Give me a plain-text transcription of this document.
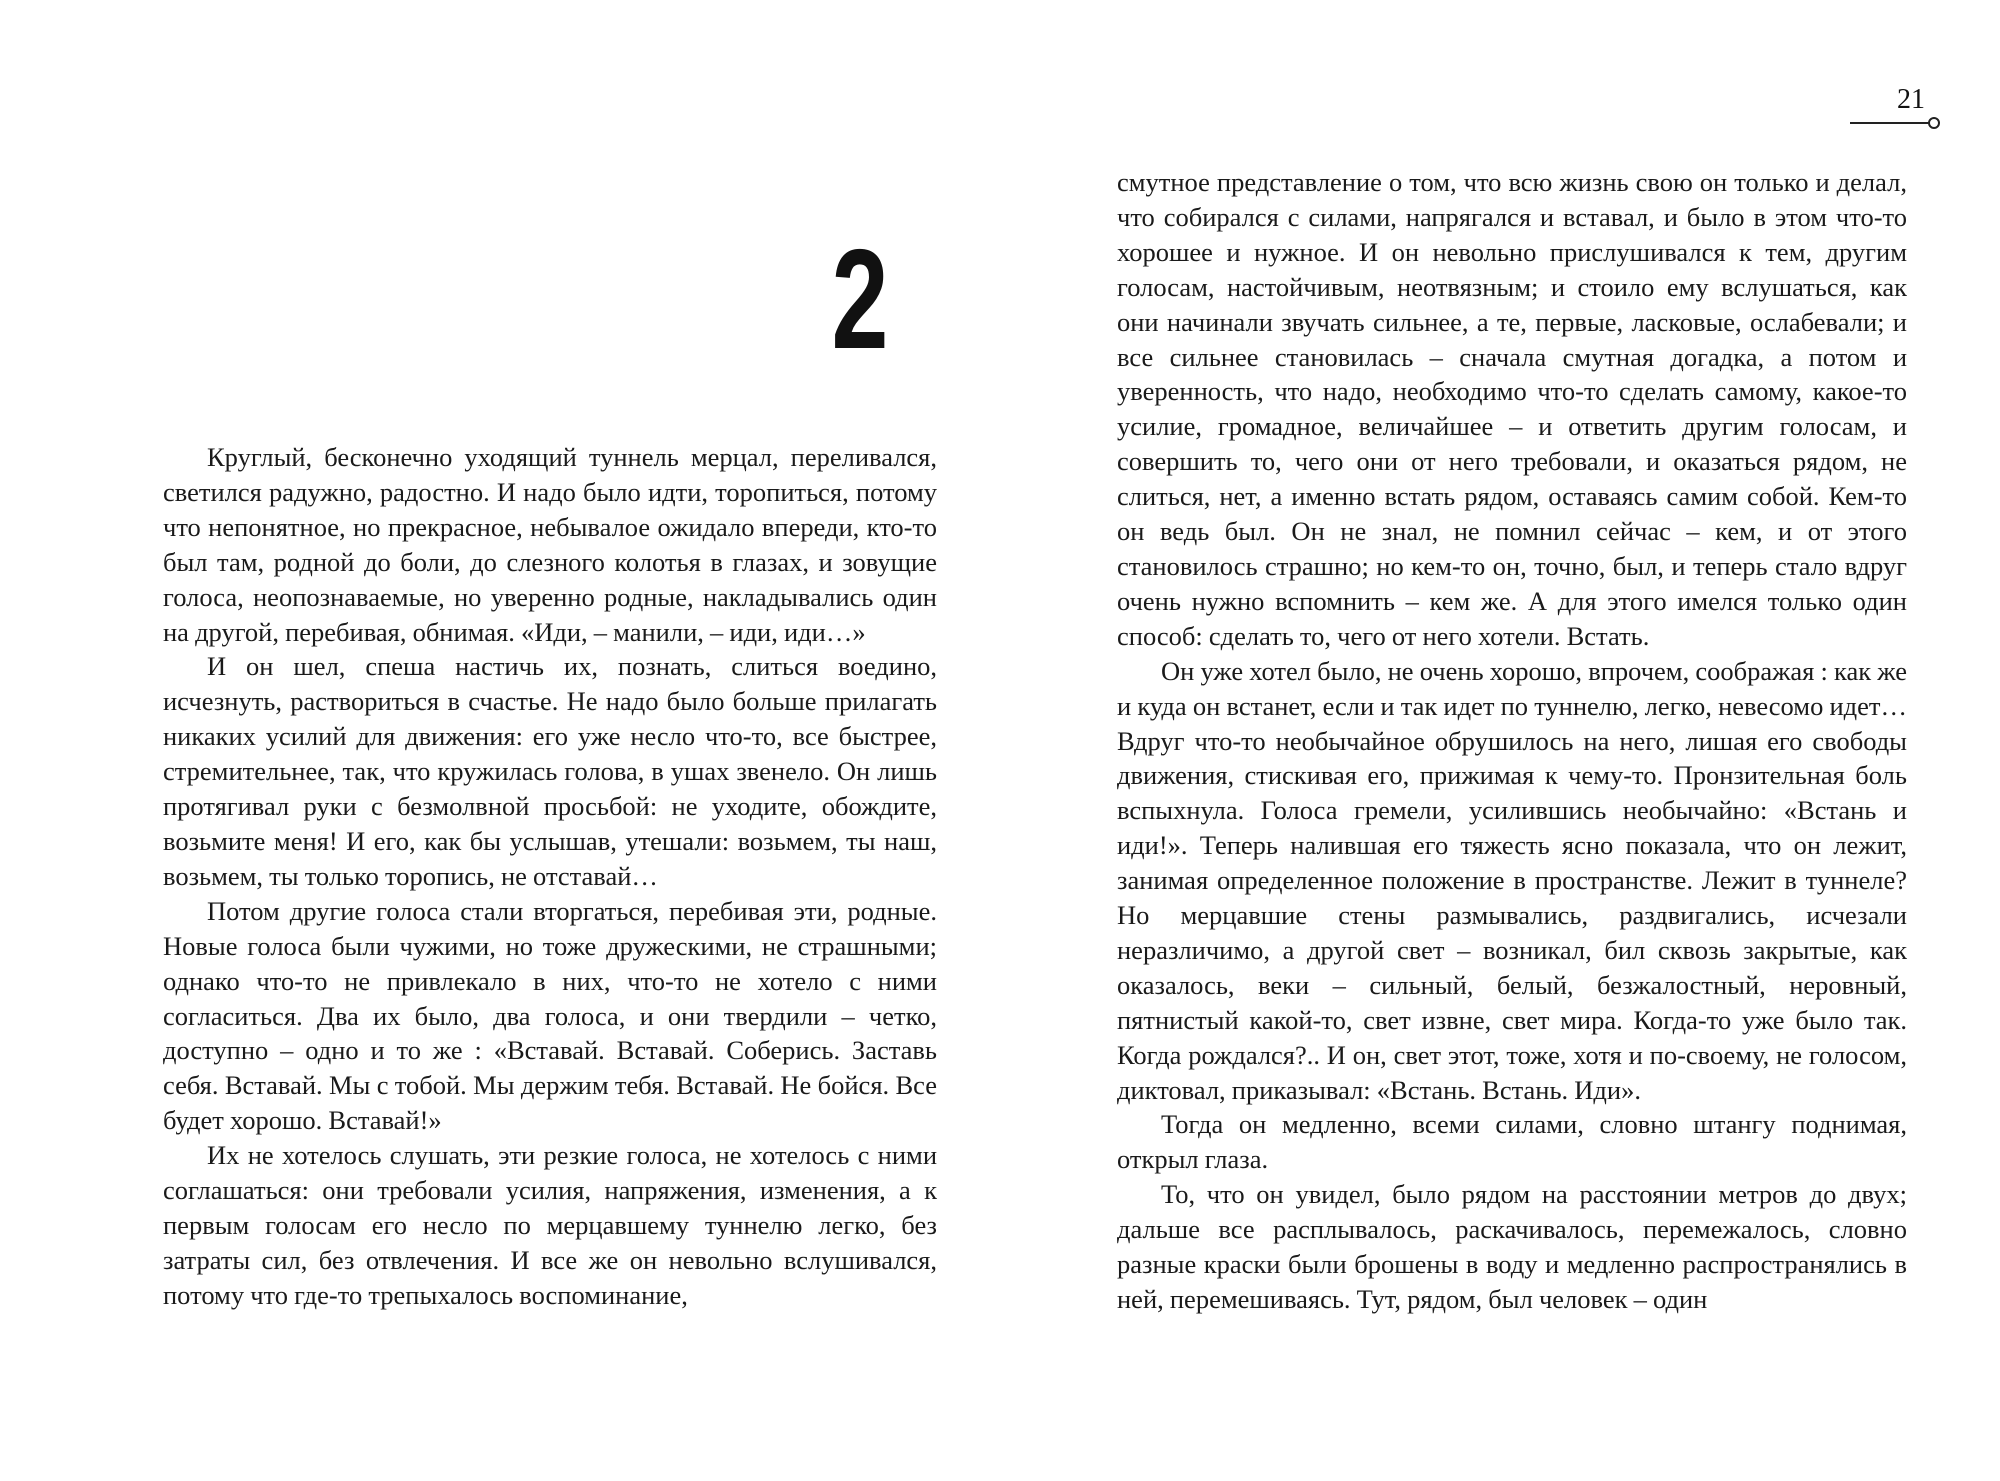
2

Круглый, бесконечно уходящий туннель мерцал, переливался, светился радужно, радостно. И надо было идти, торопиться, потому что непонятное, но прекрасное, небывалое ожидало впереди, кто-то был там, родной до боли, до слезного колотья в глазах, и зовущие голоса, неопознаваемые, но уверенно родные, накладывались один на другой, перебивая, обнимая. «Иди, – манили, – иди, иди…»

И он шел, спеша настичь их, познать, слиться воедино, исчезнуть, раствориться в счастье. Не надо было больше прилагать никаких усилий для движения: его уже несло что-то, все быстрее, стремительнее, так, что кружилась голова, в ушах звенело. Он лишь протягивал руки с безмолвной просьбой: не уходите, обождите, возьмите меня! И его, как бы услышав, утешали: возьмем, ты наш, возьмем, ты только торопись, не отставай…

Потом другие голоса стали вторгаться, перебивая эти, родные. Новые голоса были чужими, но тоже дружескими, не страшными; однако что-то не привлекало в них, что-то не хотело с ними согласиться. Два их было, два голоса, и они твердили – четко, доступно – одно и то же : «Вставай. Вставай. Соберись. Заставь себя. Вставай. Мы с тобой. Мы держим тебя. Вставай. Не бойся. Все будет хорошо. Вставай!»

Их не хотелось слушать, эти резкие голоса, не хотелось с ними соглашаться: они требовали усилия, напряжения, изменения, а к первым голосам его несло по мерцавшему туннелю легко, без затраты сил, без отвлечения. И все же он невольно вслушивался, потому что где-то трепыхалось воспоминание,

21

смутное представление о том, что всю жизнь свою он только и делал, что собирался с силами, напрягался и вставал, и было в этом что-то хорошее и нужное. И он невольно прислушивался к тем, другим голосам, настойчивым, неотвязным; и стоило ему вслушаться, как они начинали звучать сильнее, а те, первые, ласковые, ослабевали; и все сильнее становилась – сначала смутная догадка, а потом и уверенность, что надо, необходимо что-то сделать самому, какое-то усилие, громадное, величайшее – и ответить другим голосам, и совершить то, чего они от него требовали, и оказаться рядом, не слиться, нет, а именно встать рядом, оставаясь самим собой. Кем-то он ведь был. Он не знал, не помнил сейчас – кем, и от этого становилось страшно; но кем-то он, точно, был, и теперь стало вдруг очень нужно вспомнить – кем же. А для этого имелся только один способ: сделать то, чего от него хотели. Встать.

Он уже хотел было, не очень хорошо, впрочем, соображая : как же и куда он встанет, если и так идет по туннелю, легко, невесомо идет… Вдруг что-то необычайное обрушилось на него, лишая его свободы движения, стискивая его, прижимая к чему-то. Пронзительная боль вспыхнула. Голоса гремели, усилившись необычайно: «Встань и иди!». Теперь налившая его тяжесть ясно показала, что он лежит, занимая определенное положение в пространстве. Лежит в туннеле? Но мерцавшие стены размывались, раздвигались, исчезали неразличимо, а другой свет – возникал, бил сквозь закрытые, как оказалось, веки – сильный, белый, безжалостный, неровный, пятнистый какой-то, свет извне, свет мира. Когда-то уже было так. Когда рождался?.. И он, свет этот, тоже, хотя и по-своему, не голосом, диктовал, приказывал: «Встань. Встань. Иди».

Тогда он медленно, всеми силами, словно штангу поднимая, открыл глаза.

То, что он увидел, было рядом на расстоянии метров до двух; дальше все расплывалось, раскачивалось, перемежалось, словно разные краски были брошены в воду и медленно распространялись в ней, перемешиваясь. Тут, рядом, был человек – один
